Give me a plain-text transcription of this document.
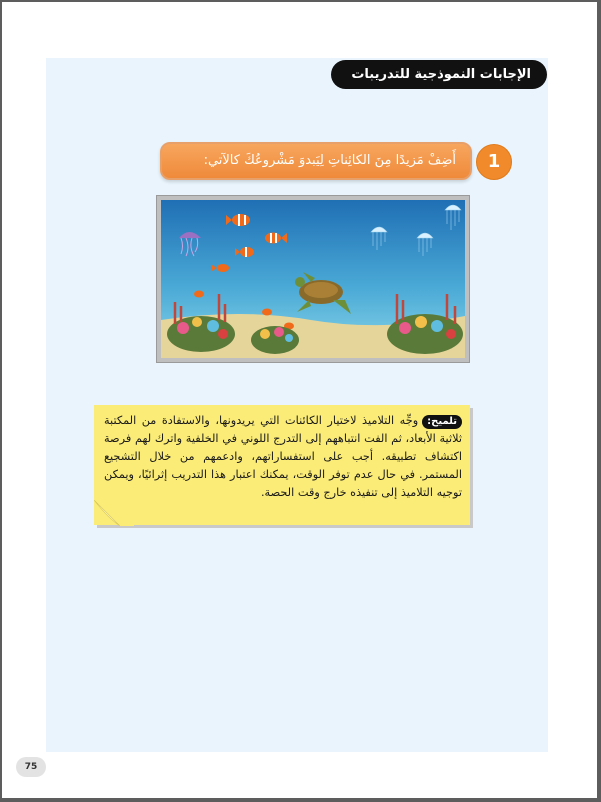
الإجابات النموذجية للتدريبات
1
أَضِفْ مَزيدًا مِنَ الكائِناتِ لِيَبدوَ مَشْروعُكَ كالآتي:
تلميح:وجِّه التلاميذ لاختيار الكائنات التي يريدونها، والاستفادة من المكتبة ثلاثية الأبعاد، ثم الفت انتباههم إلى التدرج اللوني في الخلفية واترك لهم فرصة اكتشاف تطبيقه. أجب على استفساراتهم، وادعمهم من خلال التشجيع المستمر. في حال عدم توفر الوقت، يمكنك اعتبار هذا التدريب إثرائيًا، ويمكن توجيه التلاميذ إلى تنفيذه خارج وقت الحصة.
75
